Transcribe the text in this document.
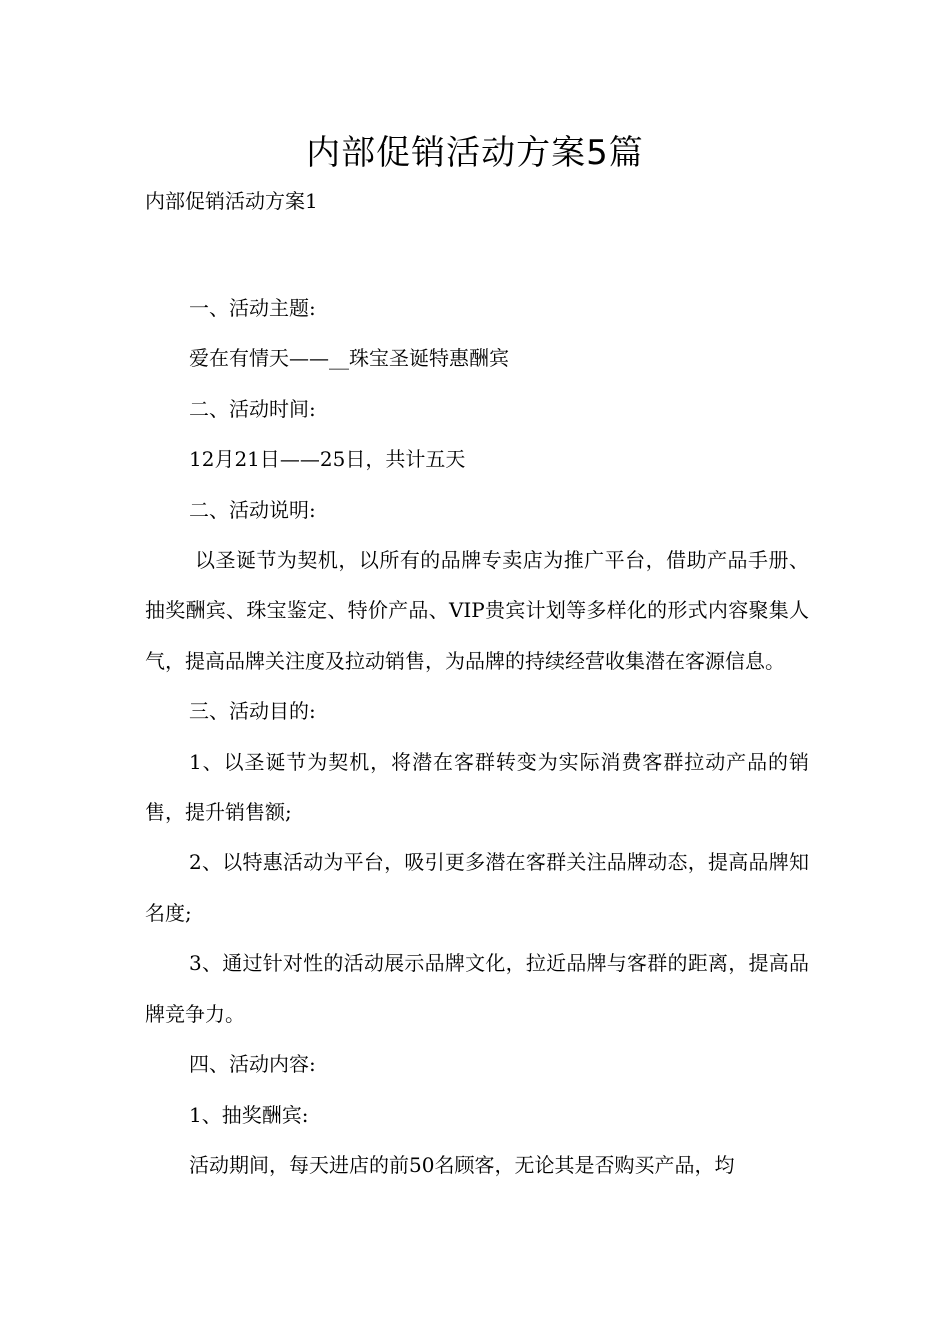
内部促销活动方案5篇
内部促销活动方案1

一、活动主题:

爱在有情天——__珠宝圣诞特惠酬宾

二、活动时间:

12月21日——25日，共计五天

二、活动说明:

以圣诞节为契机，以所有的品牌专卖店为推广平台，借助产品手册、抽奖酬宾、珠宝鉴定、特价产品、VIP贵宾计划等多样化的形式内容聚集人气，提高品牌关注度及拉动销售，为品牌的持续经营收集潜在客源信息。

三、活动目的:

1、以圣诞节为契机，将潜在客群转变为实际消费客群拉动产品的销售，提升销售额;

2、以特惠活动为平台，吸引更多潜在客群关注品牌动态，提高品牌知名度;

3、通过针对性的活动展示品牌文化，拉近品牌与客群的距离，提高品牌竞争力。

四、活动内容:

1、抽奖酬宾:

活动期间，每天进店的前50名顾客，无论其是否购买产品，均
